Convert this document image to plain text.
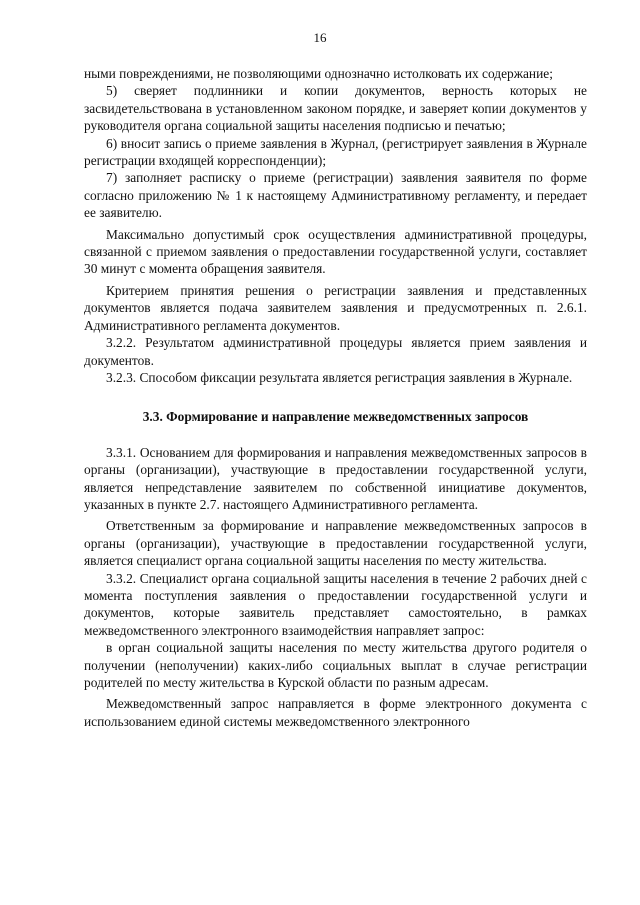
16

ными повреждениями, не позволяющими однозначно истолковать их содержание;

5) сверяет подлинники и копии документов, верность которых не засвидетельствована в установленном законом порядке, и заверяет копии документов у руководителя органа социальной защиты населения подписью и печатью;

6) вносит запись о приеме заявления в Журнал, (регистрирует заявления в Журнале регистрации входящей корреспонденции);

7) заполняет расписку о приеме (регистрации) заявления заявителя по форме согласно приложению № 1 к настоящему Административному регламенту, и передает ее заявителю.

Максимально допустимый срок осуществления административной процедуры, связанной с приемом заявления о предоставлении государственной услуги, составляет 30 минут с момента обращения заявителя.

Критерием принятия решения о регистрации заявления и представленных документов является подача заявителем заявления и предусмотренных п. 2.6.1. Административного регламента документов.

3.2.2. Результатом административной процедуры является прием заявления и документов.

3.2.3. Способом фиксации результата является регистрация заявления в Журнале.

3.3. Формирование и направление межведомственных запросов

3.3.1. Основанием для формирования и направления межведомственных запросов в органы (организации), участвующие в предоставлении государственной услуги, является непредставление заявителем по собственной инициативе документов, указанных в пункте 2.7. настоящего Административного регламента.

Ответственным за формирование и направление межведомственных запросов в органы (организации), участвующие в предоставлении государственной услуги, является специалист органа социальной защиты населения по месту жительства.

3.3.2. Специалист органа социальной защиты населения в течение 2 рабочих дней с момента поступления заявления о предоставлении государственной услуги и документов, которые заявитель представляет самостоятельно, в рамках межведомственного электронного взаимодействия направляет запрос:

в орган социальной защиты населения по месту жительства другого родителя о получении (неполучении) каких-либо социальных выплат в случае регистрации родителей по месту жительства в Курской области по разным адресам.

Межведомственный запрос направляется в форме электронного документа с использованием единой системы межведомственного электронного
